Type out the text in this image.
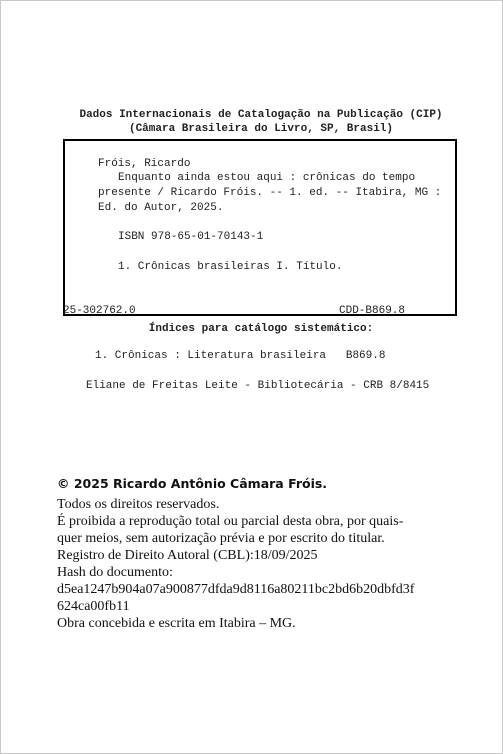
Dados Internacionais de Catalogação na Publicação (CIP)

(Câmara Brasileira do Livro, SP, Brasil)

Fróis, Ricardo

Enquanto ainda estou aqui : crônicas do tempo

presente / Ricardo Fróis. -- 1. ed. -- Itabira, MG :

Ed. do Autor, 2025.

ISBN 978-65-01-70143-1

1. Crônicas brasileiras I. Título.

25-302762.0	CDD-B869.8

Índices para catálogo sistemático:

1. Crônicas : Literatura brasileira   B869.8

Eliane de Freitas Leite - Bibliotecária - CRB 8/8415

© 2025 Ricardo Antônio Câmara Fróis.

Todos os direitos reservados.

É proibida a reprodução total ou parcial desta obra, por quais-

quer meios, sem autorização prévia e por escrito do titular.

Registro de Direito Autoral (CBL):18/09/2025

Hash do documento:

d5ea1247b904a07a900877dfda9d8116a80211bc2bd6b20dbfd3f

624ca00fb11

Obra concebida e escrita em Itabira – MG.
